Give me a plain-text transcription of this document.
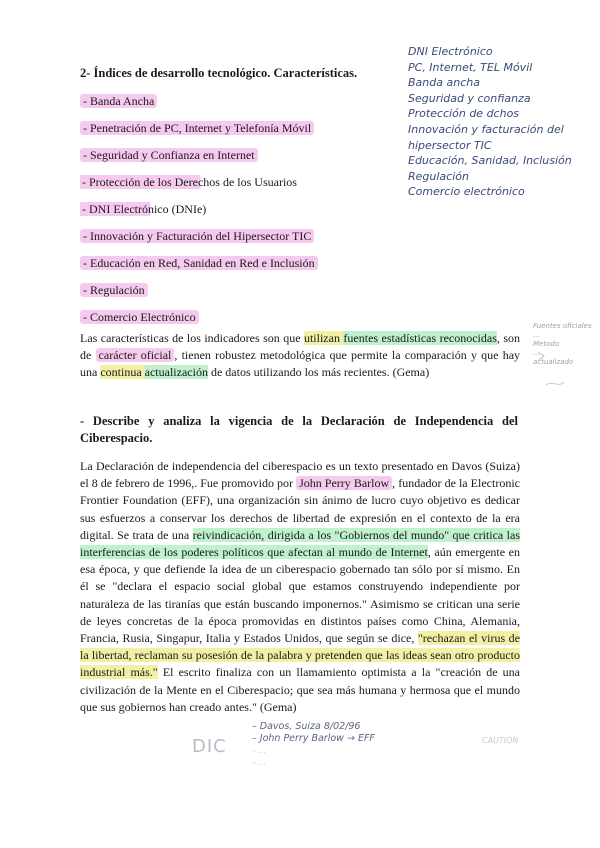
2- Índices de desarrollo tecnológico. Características.
- Banda Ancha
- Penetración de PC, Internet y Telefonía Móvil
- Seguridad y Confianza en Internet
- Protección de los Derechos de los Usuarios
- DNI Electrónico (DNIe)
- Innovación y Facturación del Hipersector TIC
- Educación en Red, Sanidad en Red e Inclusión
- Regulación
- Comercio Electrónico
Las características de los indicadores son que utilizan fuentes estadísticas reconocidas, son de carácter oficial , tienen robustez metodológica que permite la comparación y que hay una continua actualización de datos utilizando los más recientes. (Gema)
- Describe y analiza la vigencia de la Declaración de Independencia del Ciberespacio.
La Declaración de independencia del ciberespacio es un texto presentado en Davos (Suiza) el 8 de febrero de 1996,. Fue promovido por John Perry Barlow , fundador de la Electronic Frontier Foundation (EFF), una organización sin ánimo de lucro cuyo objetivo es dedicar sus esfuerzos a conservar los derechos de libertad de expresión en el contexto de la era digital. Se trata de una reivindicación, dirigida a los "Gobiernos del mundo" que critica las interferencias de los poderes políticos que afectan al mundo de Internet, aún emergente en esa época, y que defiende la idea de un ciberespacio gobernado tan sólo por sí mismo. En él se "declara el espacio social global que estamos construyendo independiente por naturaleza de las tiranías que están buscando imponernos." Asimismo se critican una serie de leyes concretas de la época promovidas en distintos países como China, Alemania, Francia, Rusia, Singapur, Italia y Estados Unidos, que según se dice, "rechazan el virus de la libertad, reclaman su posesión de la palabra y pretenden que las ideas sean otro producto industrial más." El escrito finaliza con un llamamiento optimista a la "creación de una civilización de la Mente en el Ciberespacio; que sea más humana y hermosa que el mundo que sus gobiernos han creado antes." (Gema)
DNI Electrónico
PC, Internet, TEL Móvil
Banda ancha
Seguridad y confianza
Protección de dchos
Innovación y facturación del
hipersector TIC
Educación, Sanidad, Inclusión
Regulación
Comercio electrónico
Fuentes oficiales
...
Metodo
...
actualizado
DIC
– Davos, Suiza 8/02/96
– John Perry Barlow → EFF
– ...
– ...
CAUTION
